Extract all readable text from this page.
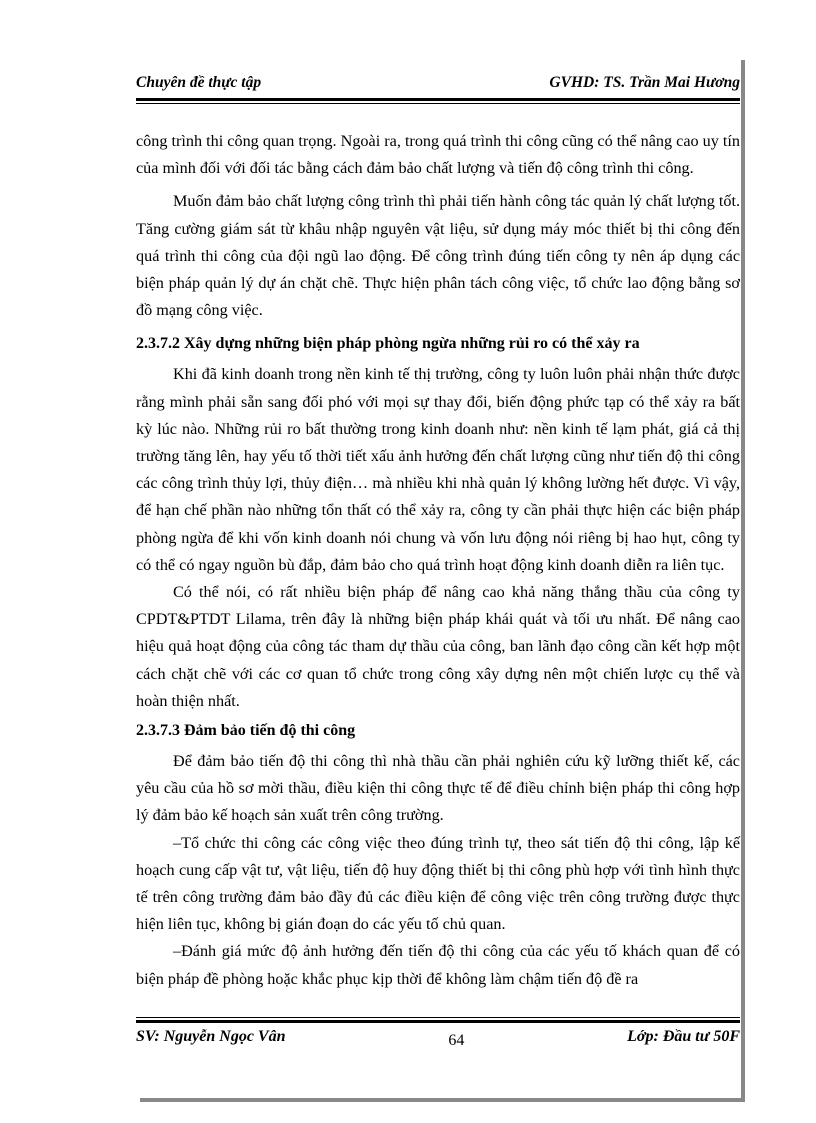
Chuyên đề thực tập	GVHD: TS. Trần Mai Hương

công trình thi công quan trọng. Ngoài ra, trong quá trình thi công cũng có thể nâng cao uy tín của mình đối với đối tác bằng cách đảm bảo chất lượng và tiến độ công trình thi công.

Muốn đảm bảo chất lượng công trình thì phải tiến hành công tác quản lý chất lượng tốt. Tăng cường giám sát từ khâu nhập nguyên vật liệu, sử dụng máy móc thiết bị thi công đến quá trình thi công của đội ngũ lao động. Để công trình đúng tiến công ty nên áp dụng các biện pháp quản lý dự án chặt chẽ. Thực hiện phân tách công việc, tổ chức lao động bằng sơ đồ mạng công việc.

2.3.7.2 Xây dựng những biện pháp phòng ngừa những rủi ro có thể xảy ra

Khi đã kinh doanh trong nền kinh tế thị trường, công ty luôn luôn phải nhận thức được rằng mình phải sẵn sang đối phó với mọi sự thay đổi, biến động phức tạp có thể xảy ra bất kỳ lúc nào. Những rủi ro bất thường trong kinh doanh như: nền kinh tế lạm phát, giá cả thị trường tăng lên, hay yếu tố thời tiết xấu ảnh hưởng đến chất lượng cũng như tiến độ thi công các công trình thủy lợi, thủy điện… mà nhiều khi nhà quản lý không lường hết được. Vì vậy, để hạn chế phần nào những tổn thất có thể xảy ra, công ty cần phải thực hiện các biện pháp phòng ngừa để khi vốn kinh doanh nói chung và vốn lưu động nói riêng bị hao hụt, công ty có thể có ngay nguồn bù đắp, đảm bảo cho quá trình hoạt động kinh doanh diễn ra liên tục.

Có thể nói, có rất nhiều biện pháp để nâng cao khả năng thắng thầu của công ty CPDT&PTDT Lilama, trên đây là những biện pháp khái quát và tối ưu nhất. Để nâng cao hiệu quả hoạt động của công tác tham dự thầu của công, ban lãnh đạo công cần kết hợp một cách chặt chẽ với các cơ quan tổ chức trong công xây dựng nên một chiến lược cụ thể và hoàn thiện nhất.

2.3.7.3 Đảm bảo tiến độ thi công

Để đảm bảo tiến độ thi công thì nhà thầu cần phải nghiên cứu kỹ lưỡng thiết kế, các yêu cầu của hồ sơ mời thầu, điều kiện thi công thực tế để điều chỉnh biện pháp thi công hợp lý đảm bảo kế hoạch sản xuất trên công trường.

–Tổ chức thi công các công việc theo đúng trình tự, theo sát tiến độ thi công, lập kế hoạch cung cấp vật tư, vật liệu, tiến độ huy động thiết bị thi công phù hợp với tình hình thực tế trên công trường đảm bảo đầy đủ các điều kiện để công việc trên công trường được thực hiện liên tục, không bị gián đoạn do các yếu tố chủ quan.

–Đánh giá mức độ ảnh hưởng đến tiến độ thi công của các yếu tố khách quan để có biện pháp đề phòng hoặc khắc phục kịp thời để không làm chậm tiến độ đề ra

SV: Nguyễn Ngọc Vân	64	Lớp: Đầu tư 50F
